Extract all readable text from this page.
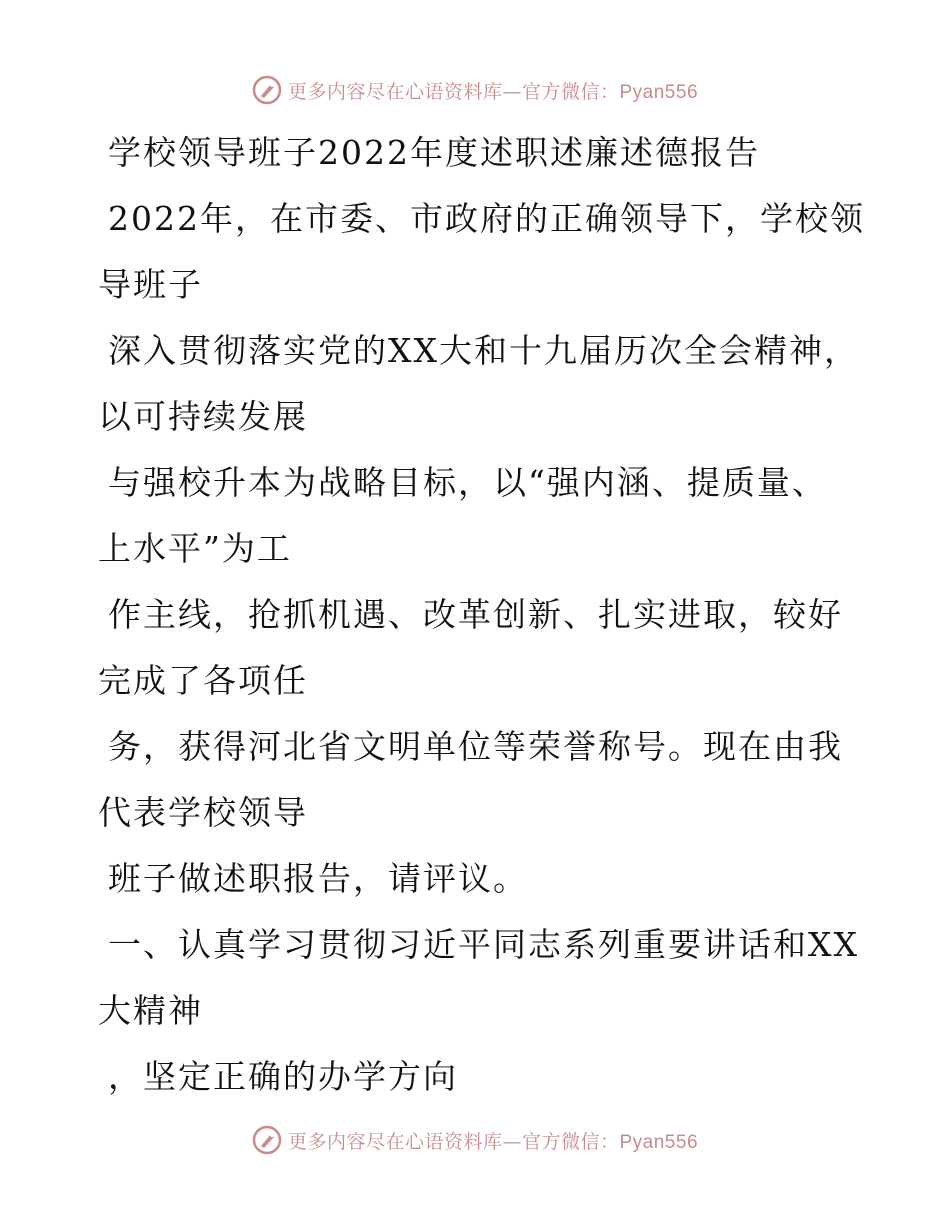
更多内容尽在心语资料库—官方微信：Pyan556
学校领导班子2022年度述职述廉述德报告
2022年，在市委、市政府的正确领导下，学校领
导班子
深入贯彻落实党的XX大和十九届历次全会精神，
以可持续发展
与强校升本为战略目标，以“强内涵、提质量、
上水平”为工
作主线，抢抓机遇、改革创新、扎实进取，较好
完成了各项任
务，获得河北省文明单位等荣誉称号。现在由我
代表学校领导
班子做述职报告，请评议。
一、认真学习贯彻习近平同志系列重要讲话和XX
大精神
，坚定正确的办学方向
更多内容尽在心语资料库—官方微信：Pyan556
